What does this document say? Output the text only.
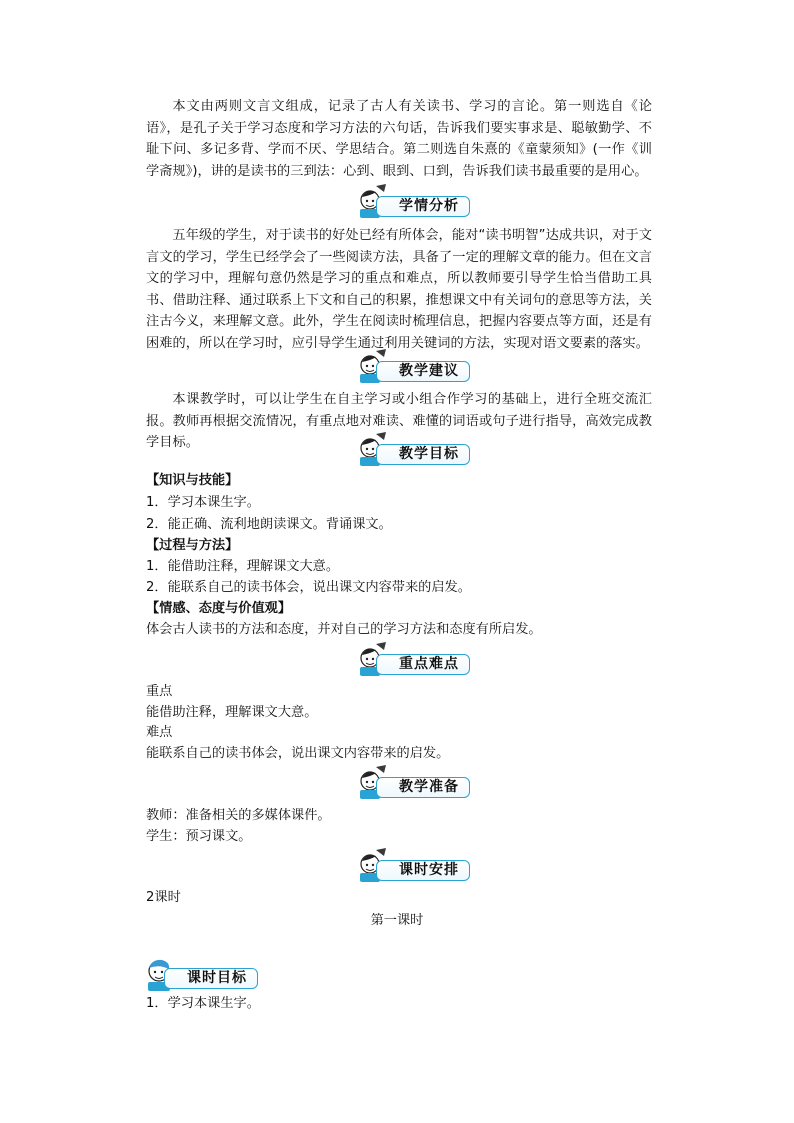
本文由两则文言文组成，记录了古人有关读书、学习的言论。第一则选自《论语》，是孔子关于学习态度和学习方法的六句话，告诉我们要实事求是、聪敏勤学、不耻下问、多记多背、学而不厌、学思结合。第二则选自朱熹的《童蒙须知》(一作《训学斋规》)，讲的是读书的三到法：心到、眼到、口到，告诉我们读书最重要的是用心。

学情分析

五年级的学生，对于读书的好处已经有所体会，能对“读书明智”达成共识，对于文言文的学习，学生已经学会了一些阅读方法，具备了一定的理解文章的能力。但在文言文的学习中，理解句意仍然是学习的重点和难点，所以教师要引导学生恰当借助工具书、借助注释、通过联系上下文和自己的积累，推想课文中有关词句的意思等方法，关注古今义，来理解文意。此外，学生在阅读时梳理信息，把握内容要点等方面，还是有困难的，所以在学习时，应引导学生通过利用关键词的方法，实现对语文要素的落实。

教学建议

本课教学时，可以让学生在自主学习或小组合作学习的基础上，进行全班交流汇报。教师再根据交流情况，有重点地对难读、难懂的词语或句子进行指导，高效完成教学目标。

教学目标

【知识与技能】

1．学习本课生字。

2．能正确、流利地朗读课文。背诵课文。

【过程与方法】

1．能借助注释，理解课文大意。

2．能联系自己的读书体会，说出课文内容带来的启发。

【情感、态度与价值观】

体会古人读书的方法和态度，并对自己的学习方法和态度有所启发。

重点难点

重点

能借助注释，理解课文大意。

难点

能联系自己的读书体会，说出课文内容带来的启发。

教学准备

教师：准备相关的多媒体课件。

学生：预习课文。

课时安排

2课时

第一课时

课时目标

1．学习本课生字。
